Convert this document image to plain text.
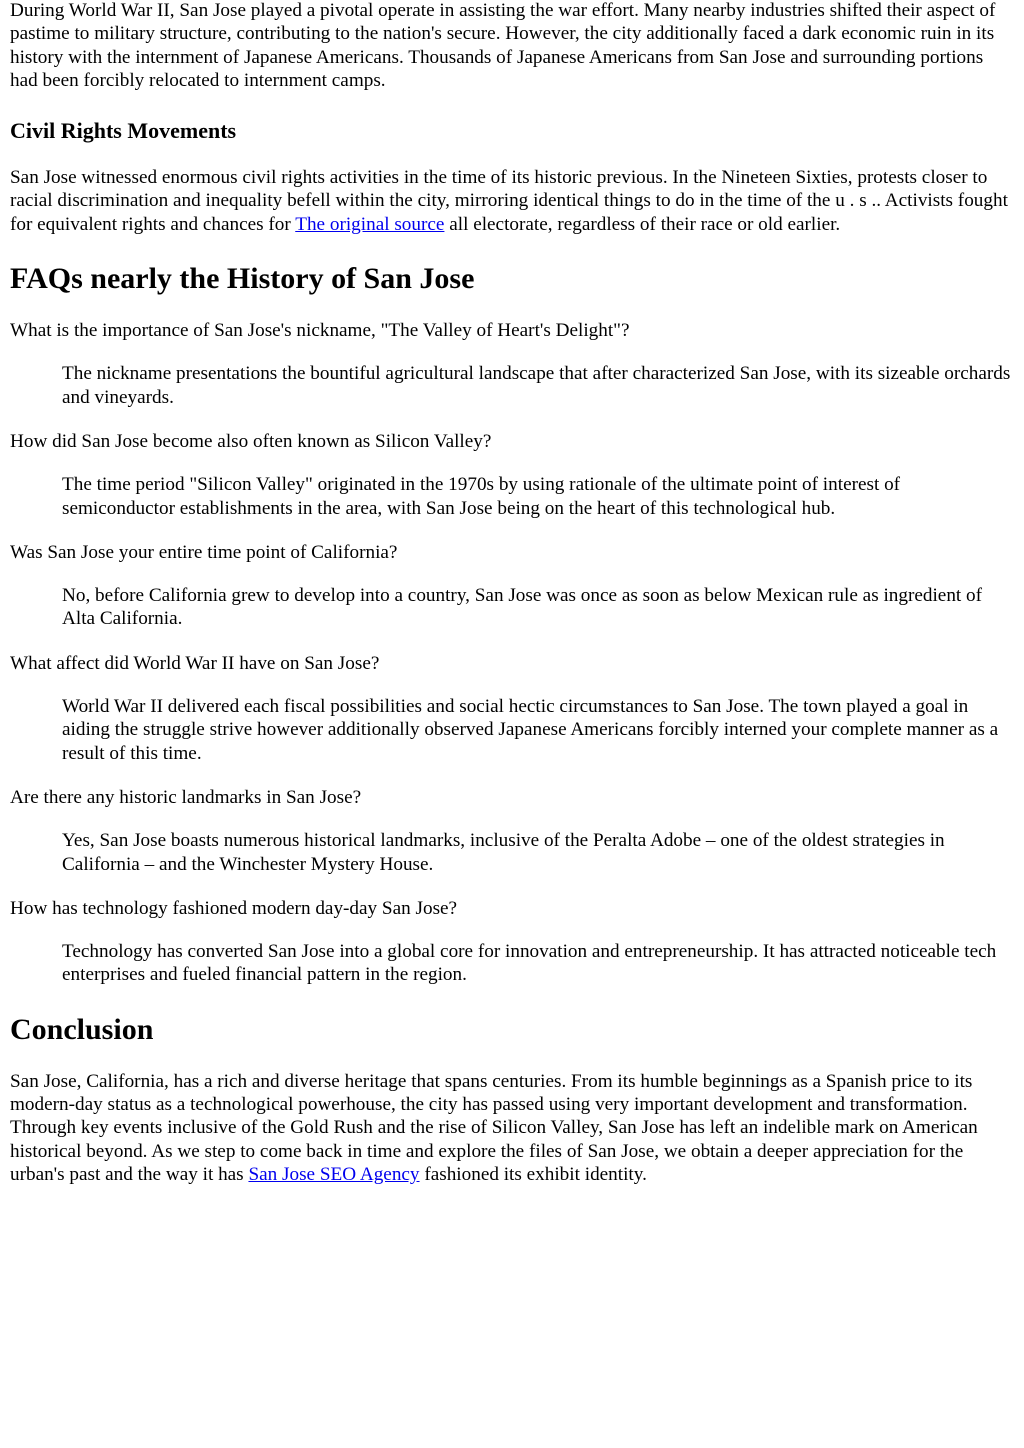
During World War II, San Jose played a pivotal operate in assisting the war effort. Many nearby industries shifted their aspect of pastime to military structure, contributing to the nation's secure. However, the city additionally faced a dark economic ruin in its history with the internment of Japanese Americans. Thousands of Japanese Americans from San Jose and surrounding portions had been forcibly relocated to internment camps.

Civil Rights Movements

San Jose witnessed enormous civil rights activities in the time of its historic previous. In the Nineteen Sixties, protests closer to racial discrimination and inequality befell within the city, mirroring identical things to do in the time of the u . s .. Activists fought for equivalent rights and chances for The original source all electorate, regardless of their race or old earlier.

FAQs nearly the History of San Jose

What is the importance of San Jose's nickname, "The Valley of Heart's Delight"?

The nickname presentations the bountiful agricultural landscape that after characterized San Jose, with its sizeable orchards and vineyards.

How did San Jose become also often known as Silicon Valley?

The time period "Silicon Valley" originated in the 1970s by using rationale of the ultimate point of interest of semiconductor establishments in the area, with San Jose being on the heart of this technological hub.

Was San Jose your entire time point of California?

No, before California grew to develop into a country, San Jose was once as soon as below Mexican rule as ingredient of Alta California.

What affect did World War II have on San Jose?

World War II delivered each fiscal possibilities and social hectic circumstances to San Jose. The town played a goal in aiding the struggle strive however additionally observed Japanese Americans forcibly interned your complete manner as a result of this time.

Are there any historic landmarks in San Jose?

Yes, San Jose boasts numerous historical landmarks, inclusive of the Peralta Adobe – one of the oldest strategies in California – and the Winchester Mystery House.

How has technology fashioned modern day-day San Jose?

Technology has converted San Jose into a global core for innovation and entrepreneurship. It has attracted noticeable tech enterprises and fueled financial pattern in the region.

Conclusion

San Jose, California, has a rich and diverse heritage that spans centuries. From its humble beginnings as a Spanish price to its modern-day status as a technological powerhouse, the city has passed using very important development and transformation. Through key events inclusive of the Gold Rush and the rise of Silicon Valley, San Jose has left an indelible mark on American historical beyond. As we step to come back in time and explore the files of San Jose, we obtain a deeper appreciation for the urban's past and the way it has San Jose SEO Agency fashioned its exhibit identity.
